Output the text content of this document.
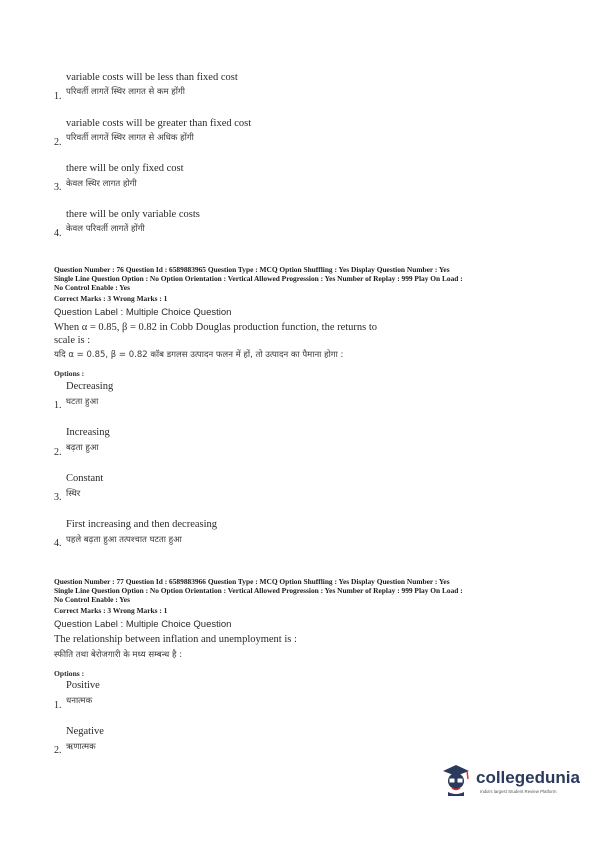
variable costs will be less than fixed cost
1. परिवर्ती लागतें स्थिर लागत से कम होंगी
variable costs will be greater than fixed cost
2. परिवर्ती लागतें स्थिर लागत से अधिक होंगी
there will be only fixed cost
3. केवल स्थिर लागत होगी
there will be only variable costs
4. केवल परिवर्ती लागतें होंगी
Question Number : 76 Question Id : 6589883965 Question Type : MCQ Option Shuffling : Yes Display Question Number : Yes
Single Line Question Option : No Option Orientation : Vertical Allowed Progression : Yes Number of Replay : 999 Play On Load :
No Control Enable : Yes
Correct Marks : 3 Wrong Marks : 1
Question Label : Multiple Choice Question
When α = 0.85, β = 0.82 in Cobb Douglas production function, the returns to
scale is :
यदि α = 0.85, β = 0.82 कॉब डगलस उत्पादन फलन में हों, तो उत्पादन का पैमाना होगा :
Options :
Decreasing
1. घटता हुआ
Increasing
2. बढ़ता हुआ
Constant
3. स्थिर
First increasing and then decreasing
4. पहले बढ़ता हुआ तत्पश्चात घटता हुआ
Question Number : 77 Question Id : 6589883966 Question Type : MCQ Option Shuffling : Yes Display Question Number : Yes
Single Line Question Option : No Option Orientation : Vertical Allowed Progression : Yes Number of Replay : 999 Play On Load :
No Control Enable : Yes
Correct Marks : 3 Wrong Marks : 1
Question Label : Multiple Choice Question
The relationship between inflation and unemployment is :
स्फीति तथा बेरोजगारी के मध्य सम्बन्ध है :
Options :
Positive
1. धनात्मक
Negative
2. ऋणात्मक
collegedunia
India's largest Student Review Platform
